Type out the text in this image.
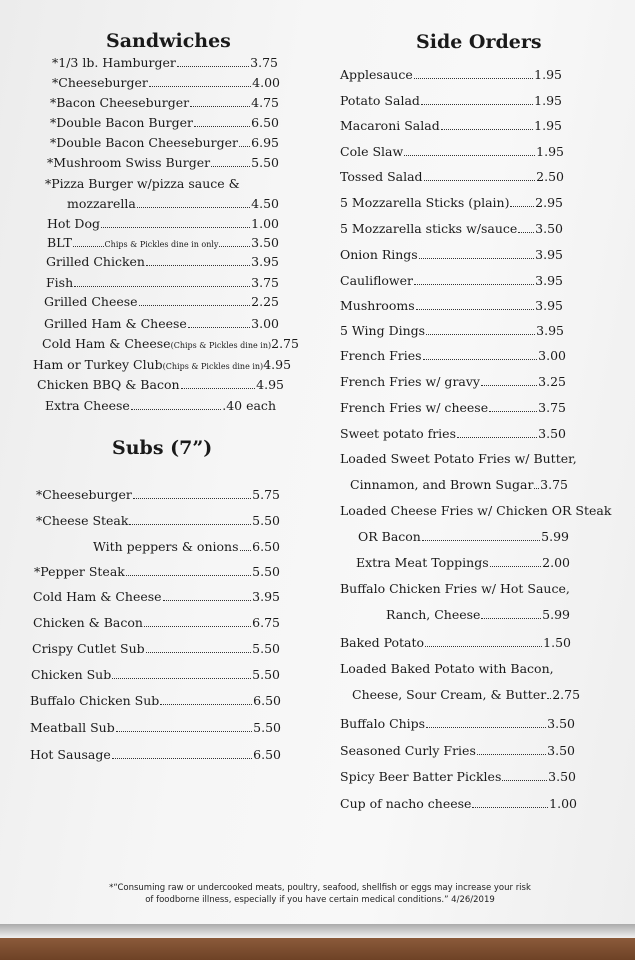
Sandwiches
*1/3 lb. Hamburger	3.75
*Cheeseburger	4.00
*Bacon Cheeseburger	4.75
*Double Bacon Burger	6.50
*Double Bacon Cheeseburger 6.95
*Mushroom Swiss Burger	5.50
*Pizza Burger w/pizza sauce &
mozzarella	4.50
Hot Dog	1.00
BLT	Chips & Pickles dine in only	3.50
Grilled Chicken	3.95
Fish	3.75
Grilled Cheese	2.25
Grilled Ham & Cheese	3.00
Cold Ham & Cheese (Chips & Pickles dine in) 2.75
Ham or Turkey Club (Chips & Pickles dine in) 4.95
Chicken BBQ & Bacon	4.95
Extra Cheese	.40 each
Subs (7”)
*Cheeseburger	5.75
*Cheese Steak	5.50
With peppers & onions 6.50
*Pepper Steak	5.50
Cold Ham & Cheese	3.95
Chicken & Bacon	6.75
Crispy Cutlet Sub	5.50
Chicken Sub	5.50
Buffalo Chicken Sub	6.50
Meatball Sub	5.50
Hot Sausage	6.50
Side Orders
Applesauce	1.95
Potato Salad	1.95
Macaroni Salad	1.95
Cole Slaw	1.95
Tossed Salad	2.50
5 Mozzarella Sticks (plain) 2.95
5 Mozzarella sticks w/sauce 3.50
Onion Rings	3.95
Cauliflower	3.95
Mushrooms	3.95
5 Wing Dings	3.95
French Fries	3.00
French Fries w/ gravy	3.25
French Fries w/ cheese	3.75
Sweet potato fries	3.50
Loaded Sweet Potato Fries w/ Butter,
Cinnamon, and Brown Sugar 3.75
Loaded Cheese Fries w/ Chicken OR Steak
OR Bacon	5.99
Extra Meat Toppings	2.00
Buffalo Chicken Fries w/ Hot Sauce,
Ranch, Cheese	5.99
Baked Potato	1.50
Loaded Baked Potato with Bacon,
Cheese, Sour Cream, & Butter 2.75
Buffalo Chips	3.50
Seasoned Curly Fries	3.50
Spicy Beer Batter Pickles	3.50
Cup of nacho cheese	1.00
*“Consuming raw or undercooked meats, poultry, seafood, shellfish or eggs may increase your risk
of foodborne illness, especially if you have certain medical conditions.” 4/26/2019
